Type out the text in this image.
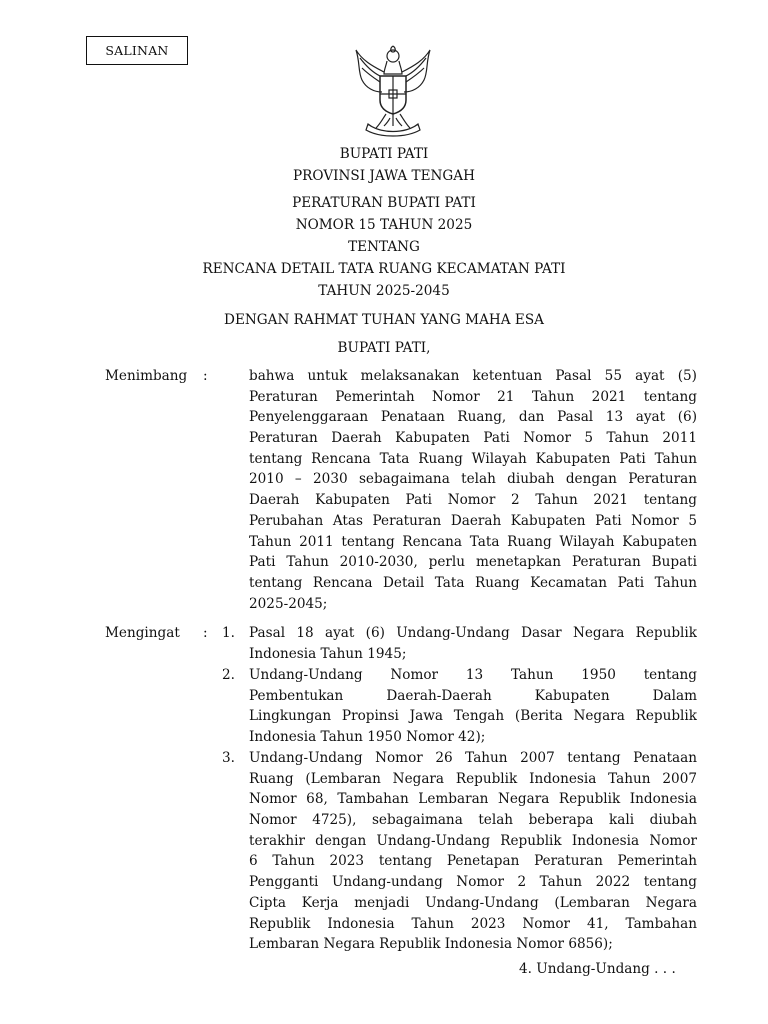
SALINAN
BUPATI PATI
PROVINSI JAWA TENGAH
PERATURAN BUPATI PATI
NOMOR 15 TAHUN 2025
TENTANG
RENCANA DETAIL TATA RUANG KECAMATAN PATI
TAHUN 2025-2045
DENGAN RAHMAT TUHAN YANG MAHA ESA
BUPATI PATI,
Menimbang :	bahwa untuk melaksanakan ketentuan Pasal 55 ayat (5)
Peraturan Pemerintah Nomor 21 Tahun 2021 tentang
Penyelenggaraan Penataan Ruang, dan Pasal 13 ayat (6)
Peraturan Daerah Kabupaten Pati Nomor 5 Tahun 2011
tentang Rencana Tata Ruang Wilayah Kabupaten Pati Tahun
2010 – 2030 sebagaimana telah diubah dengan Peraturan
Daerah Kabupaten Pati Nomor 2 Tahun 2021 tentang
Perubahan Atas Peraturan Daerah Kabupaten Pati Nomor 5
Tahun 2011 tentang Rencana Tata Ruang Wilayah Kabupaten
Pati Tahun 2010-2030, perlu menetapkan Peraturan Bupati
tentang Rencana Detail Tata Ruang Kecamatan Pati Tahun
2025-2045;
Mengingat : 1. Pasal 18 ayat (6) Undang-Undang Dasar Negara Republik
Indonesia Tahun 1945;
2. Undang-Undang Nomor 13 Tahun 1950 tentang
Pembentukan Daerah-Daerah Kabupaten Dalam
Lingkungan Propinsi Jawa Tengah (Berita Negara Republik
Indonesia Tahun 1950 Nomor 42);
3. Undang-Undang Nomor 26 Tahun 2007 tentang Penataan
Ruang (Lembaran Negara Republik Indonesia Tahun 2007
Nomor 68, Tambahan Lembaran Negara Republik Indonesia
Nomor 4725), sebagaimana telah beberapa kali diubah
terakhir dengan Undang-Undang Republik Indonesia Nomor
6 Tahun 2023 tentang Penetapan Peraturan Pemerintah
Pengganti Undang-undang Nomor 2 Tahun 2022 tentang
Cipta Kerja menjadi Undang-Undang (Lembaran Negara
Republik Indonesia Tahun 2023 Nomor 41, Tambahan
Lembaran Negara Republik Indonesia Nomor 6856);
4. Undang-Undang . . .
